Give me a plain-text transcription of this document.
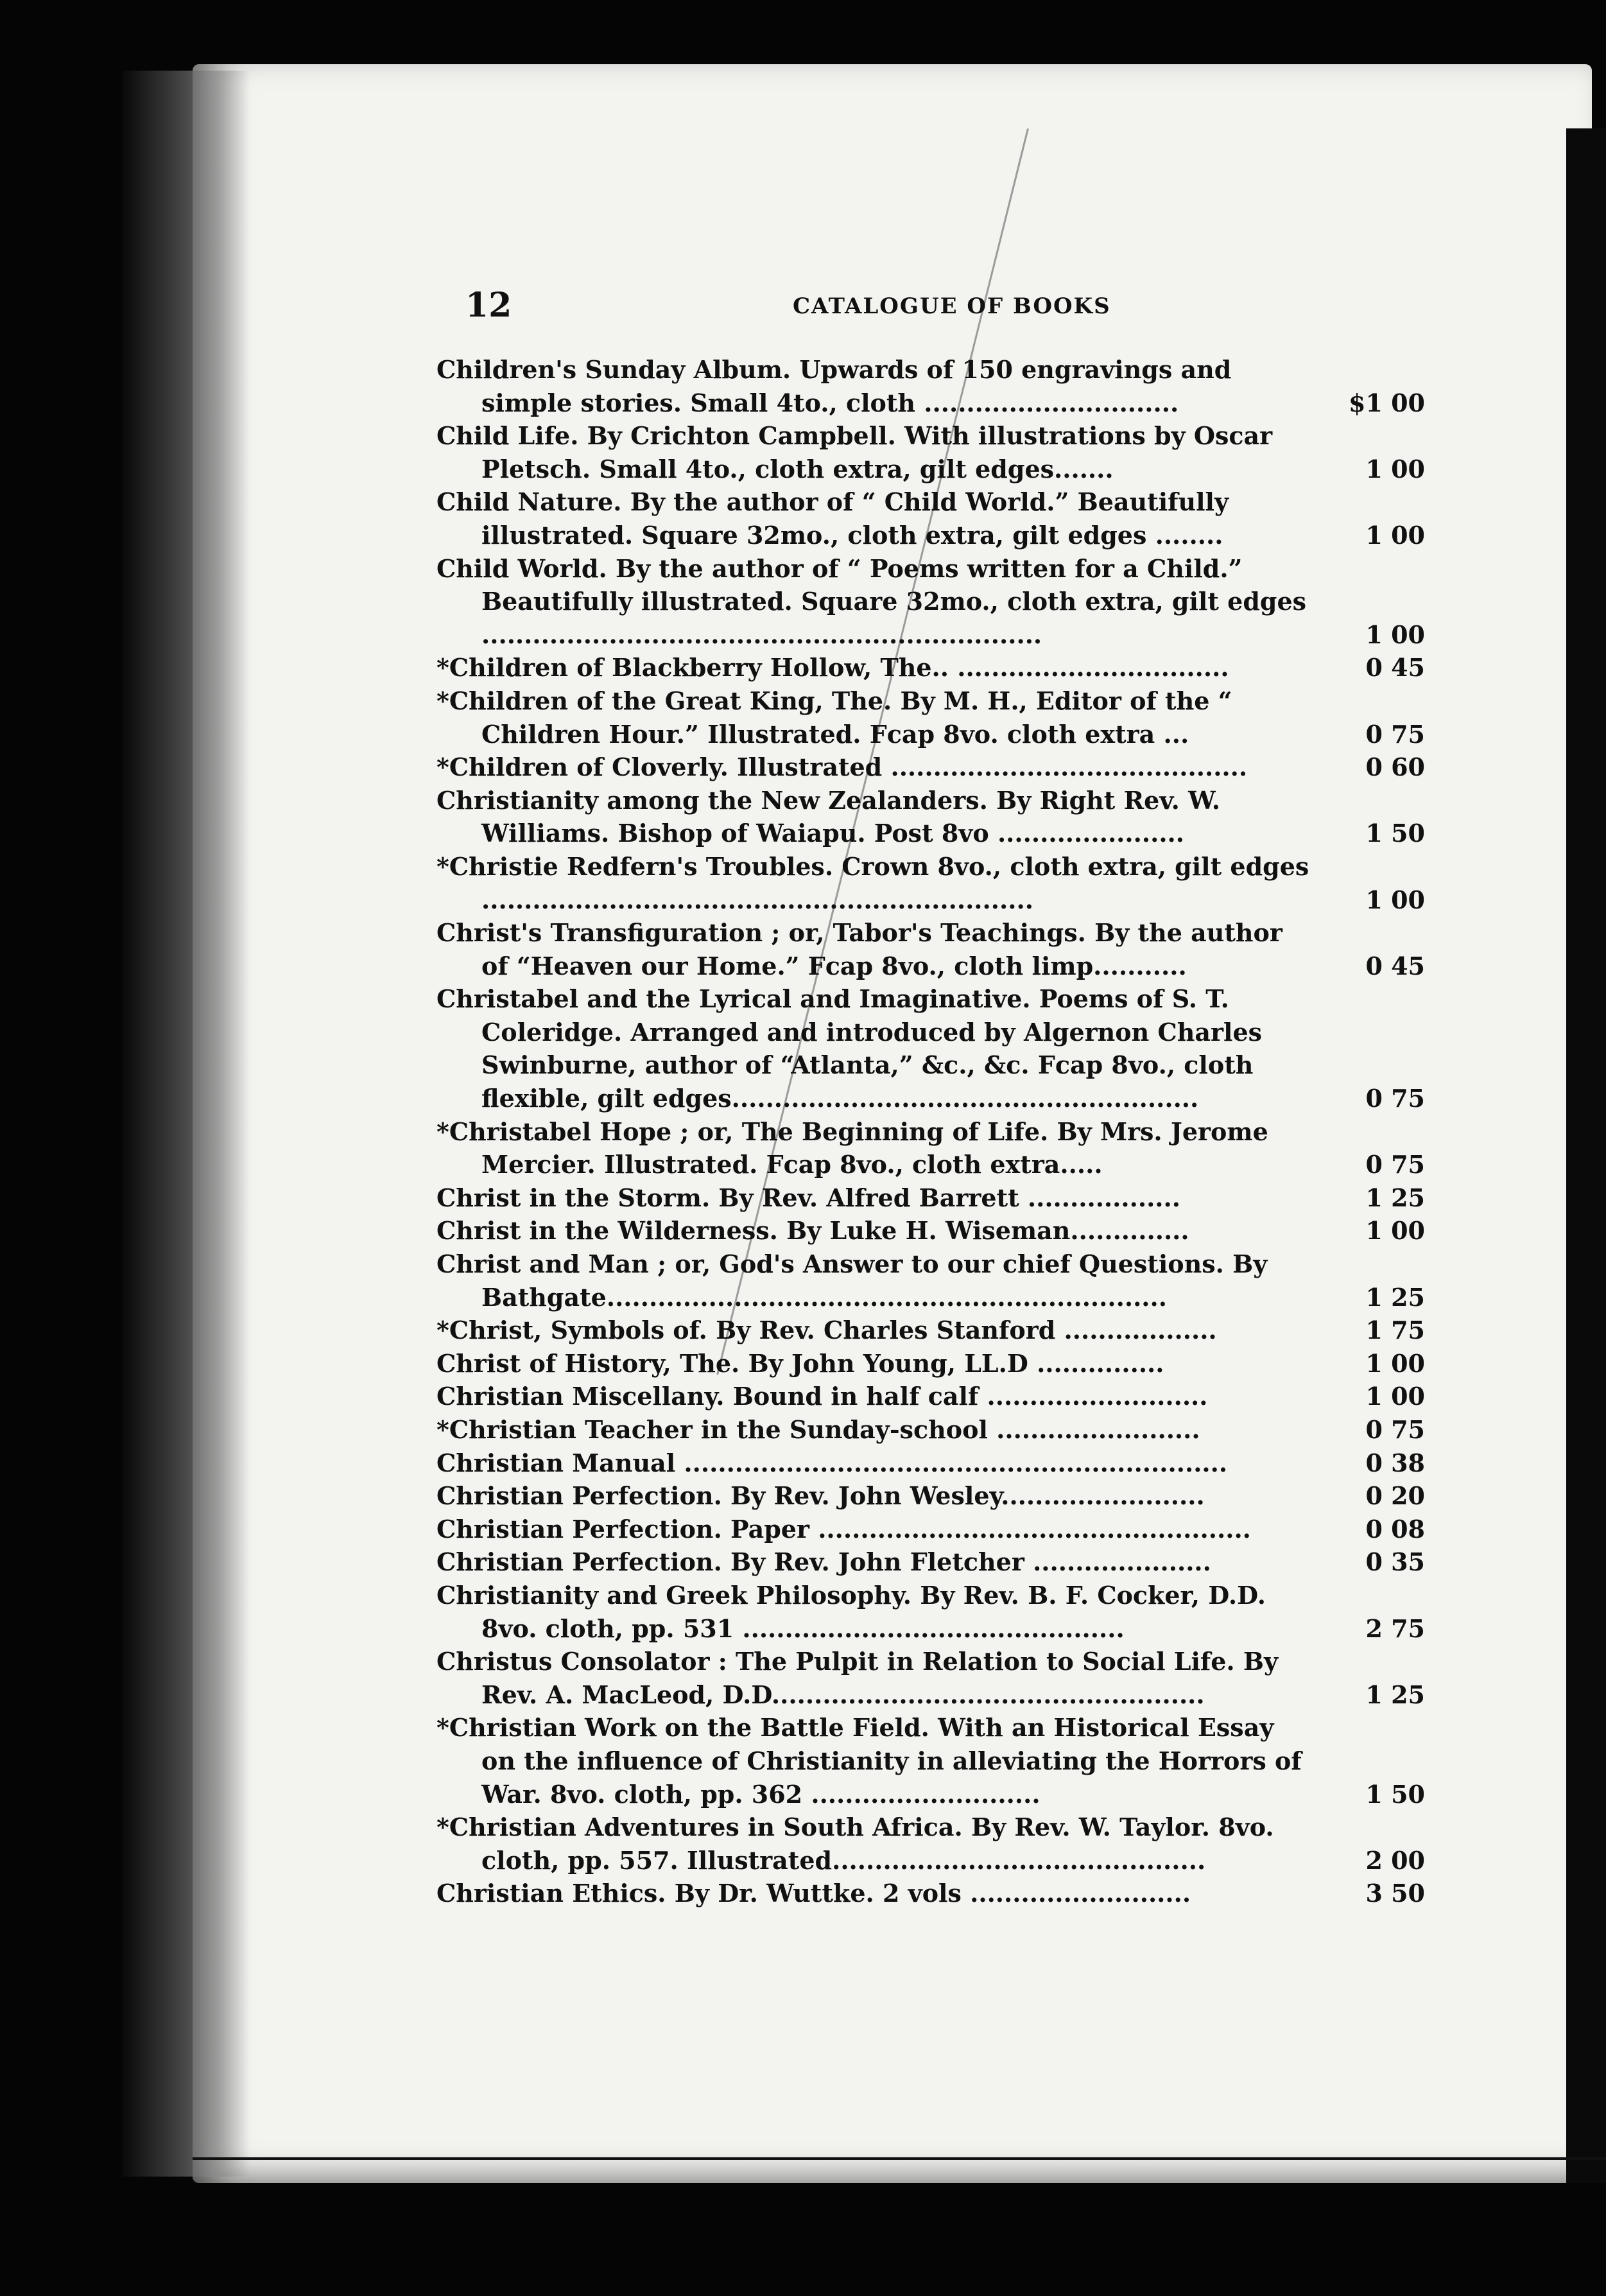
12	CATALOGUE OF BOOKS
Children's Sunday Album. Upwards of 150 engravings and simple stories. Small 4to., cloth ..............................	$1 00
Child Life. By Crichton Campbell. With illustrations by Oscar Pletsch. Small 4to., cloth extra, gilt edges.......	1 00
Child Nature. By the author of “ Child World.” Beautifully illustrated. Square 32mo., cloth extra, gilt edges ........	1 00
Child World. By the author of “ Poems written for a Child.” Beautifully illustrated. Square 32mo., cloth extra, gilt edges ..................................................................	1 00
*Children of Blackberry Hollow, The.. ................................	0 45
*Children of the Great King, The. By M. H., Editor of the “ Children Hour.” Illustrated. Fcap 8vo. cloth extra ...	0 75
*Children of Cloverly. Illustrated ..........................................	0 60
Christianity among the New Zealanders. By Right Rev. W. Williams. Bishop of Waiapu. Post 8vo ......................	1 50
*Christie Redfern's Troubles. Crown 8vo., cloth extra, gilt edges .................................................................	1 00
Christ's Transfiguration ; or, Tabor's Teachings. By the author of “Heaven our Home.” Fcap 8vo., cloth limp...........	0 45
Christabel and the Lyrical and Imaginative. Poems of S. T. Coleridge. Arranged and introduced by Algernon Charles Swinburne, author of “Atlanta,” &c., &c. Fcap 8vo., cloth flexible, gilt edges.......................................................	0 75
*Christabel Hope ; or, The Beginning of Life. By Mrs. Jerome Mercier. Illustrated. Fcap 8vo., cloth extra.....	0 75
Christ in the Storm. By Rev. Alfred Barrett ..................	1 25
Christ in the Wilderness. By Luke H. Wiseman..............	1 00
Christ and Man ; or, God's Answer to our chief Questions. By Bathgate..................................................................	1 25
*Christ, Symbols of. By Rev. Charles Stanford ..................	1 75
Christ of History, The. By John Young, LL.D ...............	1 00
Christian Miscellany. Bound in half calf ..........................	1 00
*Christian Teacher in the Sunday-school ........................	0 75
Christian Manual ................................................................	0 38
Christian Perfection. By Rev. John Wesley........................	0 20
Christian Perfection. Paper ...................................................	0 08
Christian Perfection. By Rev. John Fletcher .....................	0 35
Christianity and Greek Philosophy. By Rev. B. F. Cocker, D.D. 8vo. cloth, pp. 531 .............................................	2 75
Christus Consolator : The Pulpit in Relation to Social Life. By Rev. A. MacLeod, D.D...................................................	1 25
*Christian Work on the Battle Field. With an Historical Essay on the influence of Christianity in alleviating the Horrors of War. 8vo. cloth, pp. 362 ...........................	1 50
*Christian Adventures in South Africa. By Rev. W. Taylor. 8vo. cloth, pp. 557. Illustrated............................................	2 00
Christian Ethics. By Dr. Wuttke. 2 vols ..........................	3 50
